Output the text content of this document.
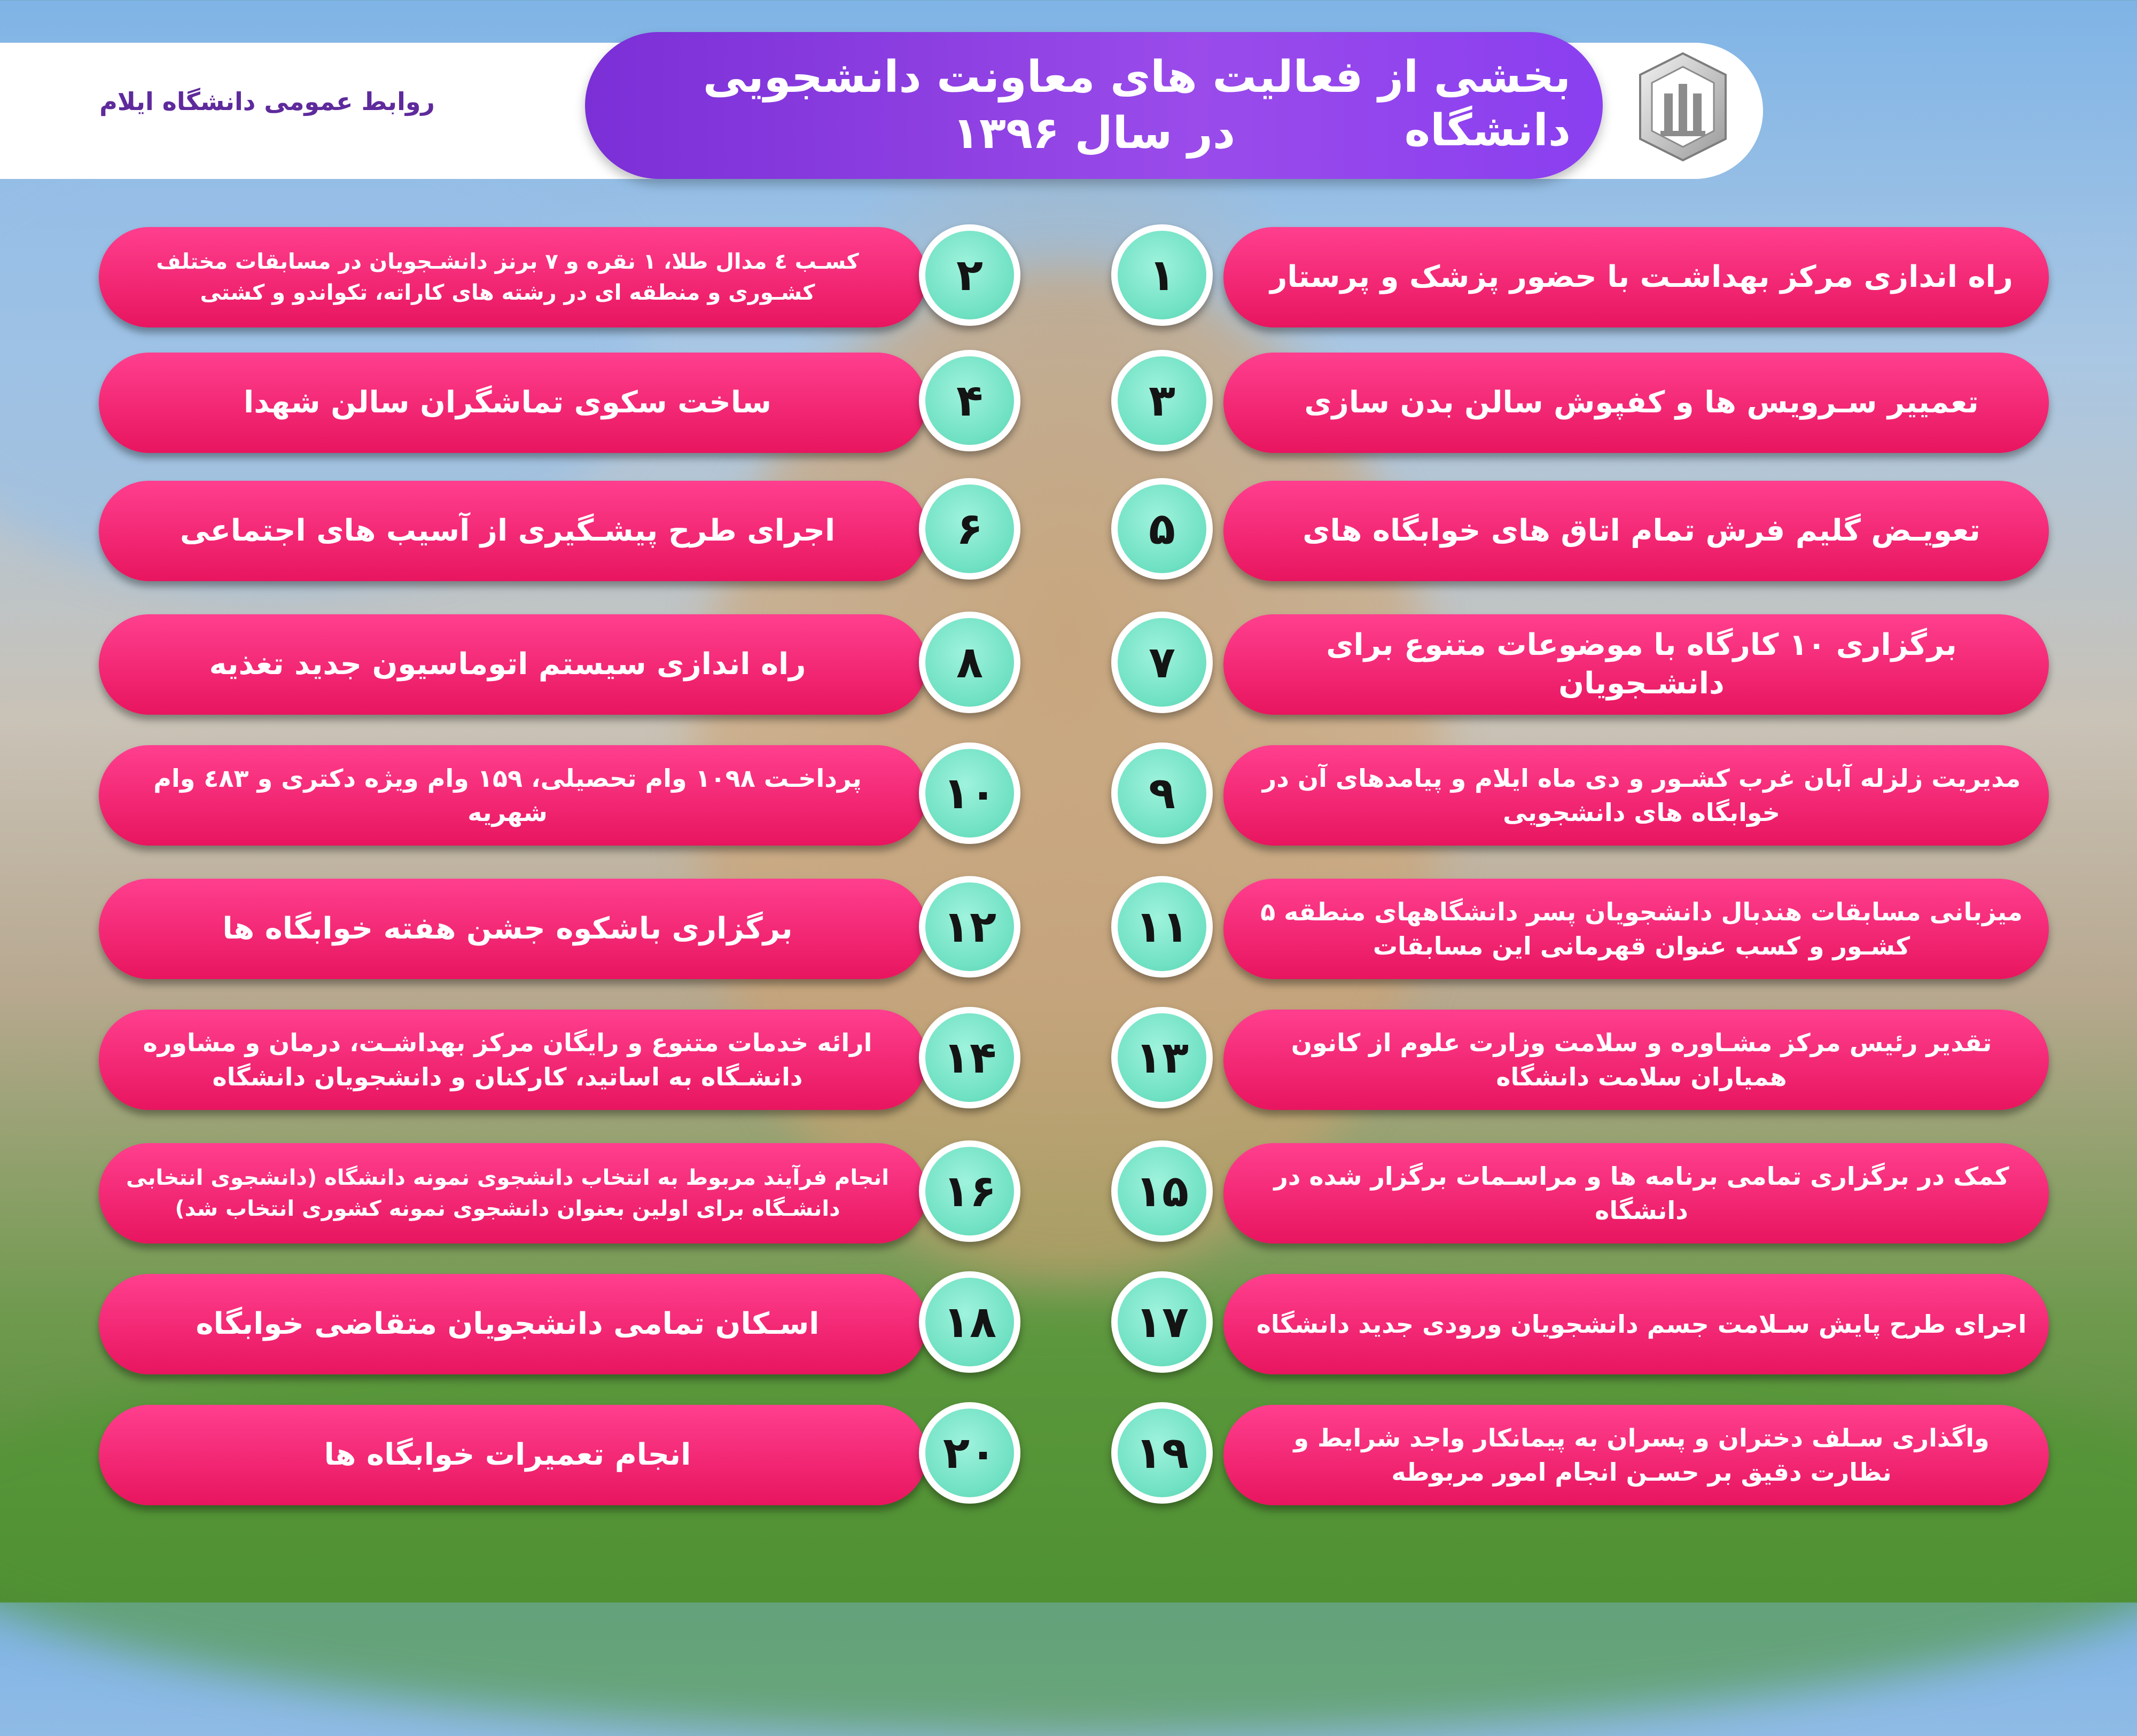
روابط عمومی دانشگاه ایلام	بخشی از فعالیت های معاونت دانشجویی دانشگاه
در سال ۱۳۹۶
راه اندازی مرکز بهداشـت با حضور پزشک و پرستار
۱
کسـب ٤ مدال طلا، ۱ نقره و ۷ برنز دانشـجویان در مسابقات مختلف کشـوری و منطقه ای در رشته های کاراته، تکواندو و کشتی	۲
تعمییر سـرویس ها و کفپوش سالن بدن سازی
۳
ساخت سکوی تماشگران سالن شهدا	۴
تعویـض گلیم فرش تمام اتاق های خوابگاه های
۵
اجرای طرح پیشـگیری از آسیب های اجتماعی	۶
برگزاری ۱۰ کارگاه با موضوعات متنوع برای دانشـجویان
۷
راه اندازی سیستم اتوماسیون جدید تغذیه	۸
مدیریت زلزله آبان غرب کشـور و دی ماه ایلام و پیامدهای آن در خوابگاه های دانشجویی
۹
پرداخـت ۱۰۹۸ وام تحصیلی، ۱۵۹ وام ویژه دکتری و ٤۸۳ وام شهریه	۱۰
میزبانی مسابقات هندبال دانشجویان پسر دانشگاههای منطقه ۵ کشـور و کسب عنوان قهرمانی این مسابقات
۱۱
برگزاری باشکوه جشن هفته خوابگاه ها	۱۲
تقدیر رئیس مرکز مشـاوره و سلامت وزارت علوم از کانون همیاران سلامت دانشگاه
۱۳
ارائه خدمات متنوع و رایگان مرکز بهداشـت، درمان و مشاوره دانشـگاه به اساتید، کارکنان و دانشجویان دانشگاه	۱۴
کمک در برگزاری تمامی برنامه ها و مراسـمات برگزار شده در دانشگاه
۱۵
انجام فرآیند مربوط به انتخاب دانشجوی نمونه دانشگاه (دانشجوی انتخابی دانشـگاه برای اولین بعنوان دانشجوی نمونه کشوری انتخاب شد)	۱۶
اجرای طرح پایش سـلامت جسم دانشجویان ورودی جدید دانشگاه
۱۷
اسـکان تمامی دانشجویان متقاضی خوابگاه	۱۸
واگذاری سـلف دختران و پسران به پیمانکار واجد شرایط و نظارت دقیق بر حسـن انجام امور مربوطه
۱۹
انجام تعمیرات خوابگاه ها	۲۰
